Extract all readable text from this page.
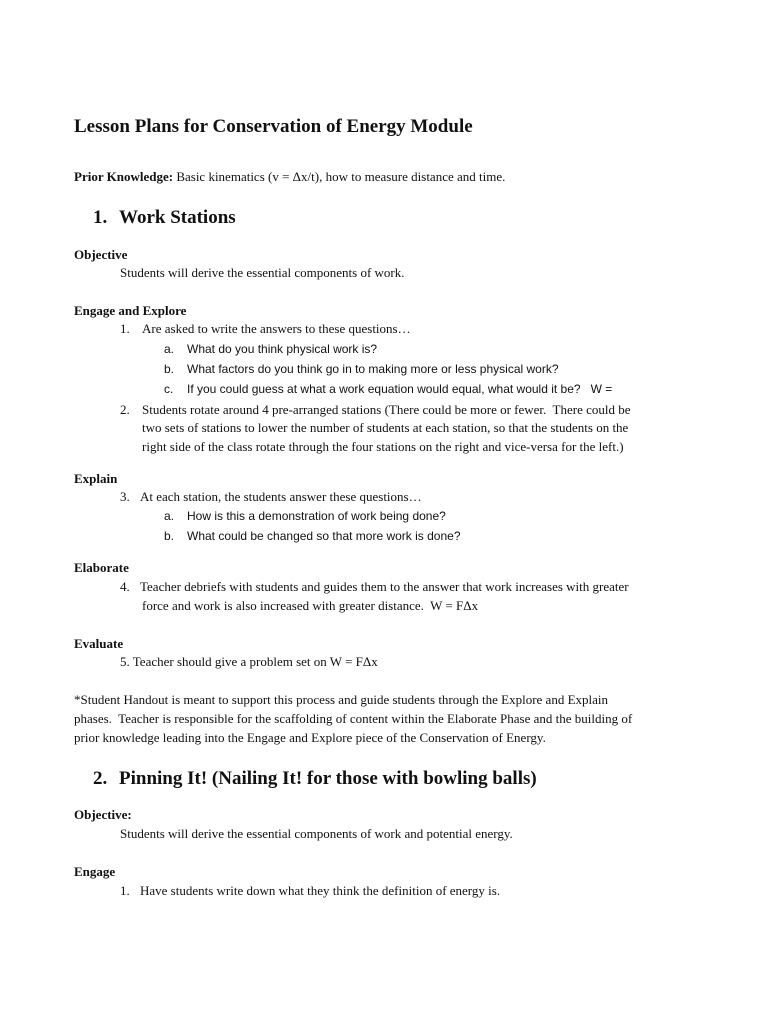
Lesson Plans for Conservation of Energy Module
Prior Knowledge: Basic kinematics (v = Δx/t), how to measure distance and time.
1. Work Stations
Objective
Students will derive the essential components of work.
Engage and Explore
1. Are asked to write the answers to these questions…
a. What do you think physical work is?
b. What factors do you think go in to making more or less physical work?
c. If you could guess at what a work equation would equal, what would it be?   W =
2. Students rotate around 4 pre-arranged stations (There could be more or fewer.  There could be
two sets of stations to lower the number of students at each station, so that the students on the
right side of the class rotate through the four stations on the right and vice-versa for the left.)
Explain
3. At each station, the students answer these questions…
a. How is this a demonstration of work being done?
b. What could be changed so that more work is done?
Elaborate
4. Teacher debriefs with students and guides them to the answer that work increases with greater
force and work is also increased with greater distance.  W = FΔx
Evaluate
5. Teacher should give a problem set on W = FΔx
*Student Handout is meant to support this process and guide students through the Explore and Explain
phases.  Teacher is responsible for the scaffolding of content within the Elaborate Phase and the building of
prior knowledge leading into the Engage and Explore piece of the Conservation of Energy.
2. Pinning It! (Nailing It! for those with bowling balls)
Objective:
Students will derive the essential components of work and potential energy.
Engage
1. Have students write down what they think the definition of energy is.
